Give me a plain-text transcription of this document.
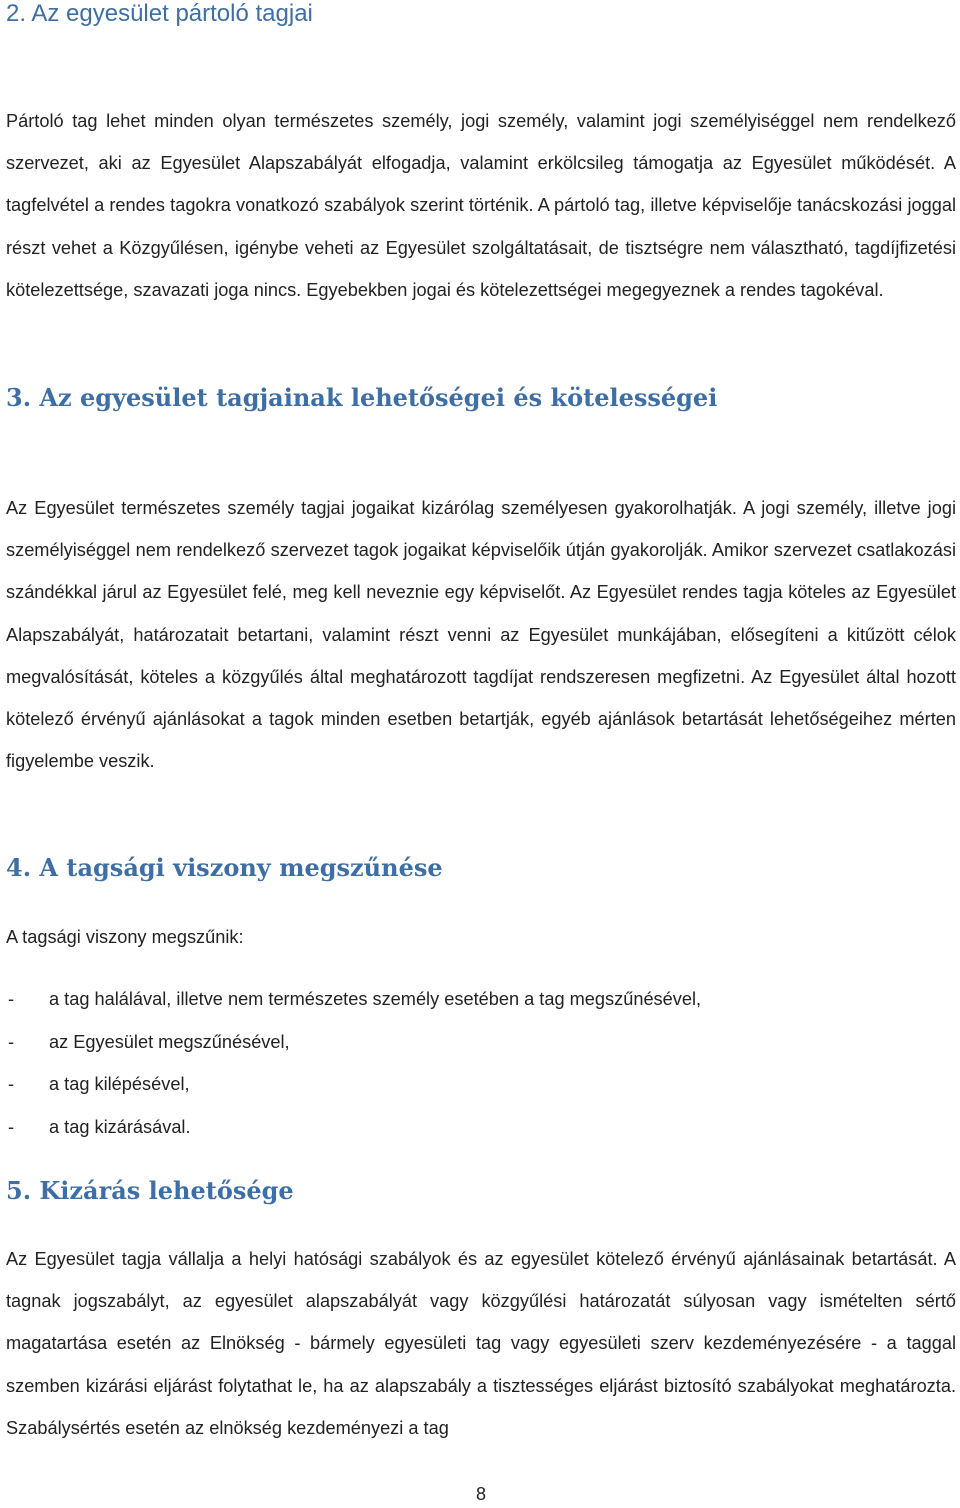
2. Az egyesület pártoló tagjai

Pártoló tag lehet minden olyan természetes személy, jogi személy, valamint jogi személyiséggel nem rendelkező szervezet, aki az Egyesület Alapszabályát elfogadja, valamint erkölcsileg támogatja az Egyesület működését. A tagfelvétel a rendes tagokra vonatkozó szabályok szerint történik. A pártoló tag, illetve képviselője tanácskozási joggal részt vehet a Közgyűlésen, igénybe veheti az Egyesület szolgáltatásait, de tisztségre nem választható, tagdíjfizetési kötelezettsége, szavazati joga nincs. Egyebekben jogai és kötelezettségei megegyeznek a rendes tagokéval.

3. Az egyesület tagjainak lehetőségei és kötelességei

Az Egyesület természetes személy tagjai jogaikat kizárólag személyesen gyakorolhatják. A jogi személy, illetve jogi személyiséggel nem rendelkező szervezet tagok jogaikat képviselőik útján gyakorolják. Amikor szervezet csatlakozási szándékkal járul az Egyesület felé, meg kell neveznie egy képviselőt. Az Egyesület rendes tagja köteles az Egyesület Alapszabályát, határozatait betartani, valamint részt venni az Egyesület munkájában, elősegíteni a kitűzött célok megvalósítását, köteles a közgyűlés által meghatározott tagdíjat rendszeresen megfizetni. Az Egyesület által hozott kötelező érvényű ajánlásokat a tagok minden esetben betartják, egyéb ajánlások betartását lehetőségeihez mérten figyelembe veszik.

4. A tagsági viszony megszűnése

A tagsági viszony megszűnik:

- a tag halálával, illetve nem természetes személy esetében a tag megszűnésével,
- az Egyesület megszűnésével,
- a tag kilépésével,
- a tag kizárásával.
5. Kizárás lehetősége

Az Egyesület tagja vállalja a helyi hatósági szabályok és az egyesület kötelező érvényű ajánlásainak betartását. A tagnak jogszabályt, az egyesület alapszabályát vagy közgyűlési határozatát súlyosan vagy ismételten sértő magatartása esetén az Elnökség - bármely egyesületi tag vagy egyesületi szerv kezdeményezésére - a taggal szemben kizárási eljárást folytathat le, ha az alapszabály a tisztességes eljárást biztosító szabályokat meghatározta. Szabálysértés esetén az elnökség kezdeményezi a tag

8
